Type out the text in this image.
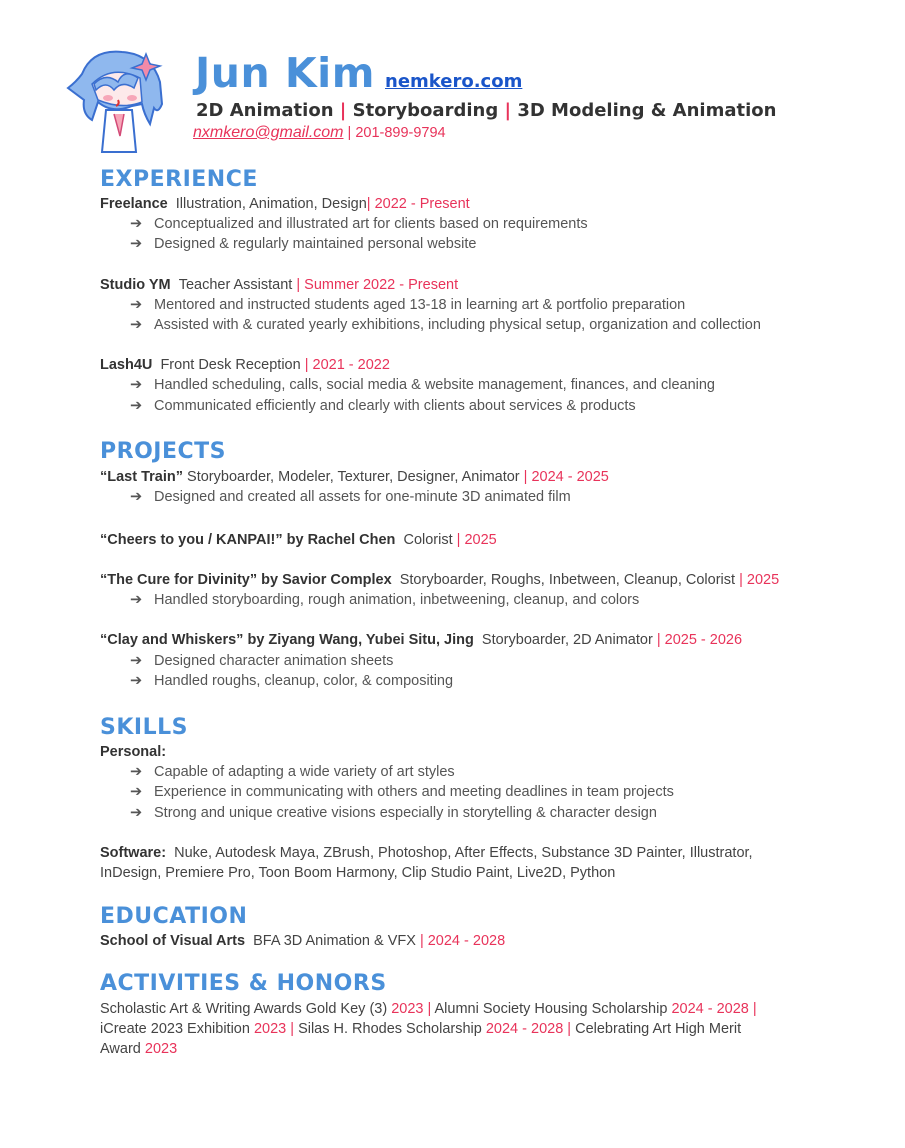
Jun Kim nemkero.com
2D Animation | Storyboarding | 3D Modeling & Animation
nxmkero@gmail.com | 201-899-9794
EXPERIENCE
Freelance Illustration, Animation, Design| 2022 - Present
➔ Conceptualized and illustrated art for clients based on requirements
➔ Designed & regularly maintained personal website
Studio YM Teacher Assistant | Summer 2022 - Present
➔ Mentored and instructed students aged 13-18 in learning art & portfolio preparation
➔ Assisted with & curated yearly exhibitions, including physical setup, organization and collection
Lash4U Front Desk Reception | 2021 - 2022
➔ Handled scheduling, calls, social media & website management, finances, and cleaning
➔ Communicated efficiently and clearly with clients about services & products
PROJECTS
“Last Train” Storyboarder, Modeler, Texturer, Designer, Animator | 2024 - 2025
➔ Designed and created all assets for one-minute 3D animated film
“Cheers to you / KANPAI!” by Rachel Chen Colorist | 2025
“The Cure for Divinity” by Savior Complex Storyboarder, Roughs, Inbetween, Cleanup, Colorist | 2025
➔ Handled storyboarding, rough animation, inbetweening, cleanup, and colors
“Clay and Whiskers” by Ziyang Wang, Yubei Situ, Jing Storyboarder, 2D Animator | 2025 - 2026
➔ Designed character animation sheets
➔ Handled roughs, cleanup, color, & compositing
SKILLS
Personal:
➔ Capable of adapting a wide variety of art styles
➔ Experience in communicating with others and meeting deadlines in team projects
➔ Strong and unique creative visions especially in storytelling & character design
Software: Nuke, Autodesk Maya, ZBrush, Photoshop, After Effects, Substance 3D Painter, Illustrator,
InDesign, Premiere Pro, Toon Boom Harmony, Clip Studio Paint, Live2D, Python
EDUCATION
School of Visual Arts BFA 3D Animation & VFX | 2024 - 2028
ACTIVITIES & HONORS
Scholastic Art & Writing Awards Gold Key (3) 2023 | Alumni Society Housing Scholarship 2024 - 2028 |
iCreate 2023 Exhibition 2023 | Silas H. Rhodes Scholarship 2024 - 2028 | Celebrating Art High Merit
Award 2023
